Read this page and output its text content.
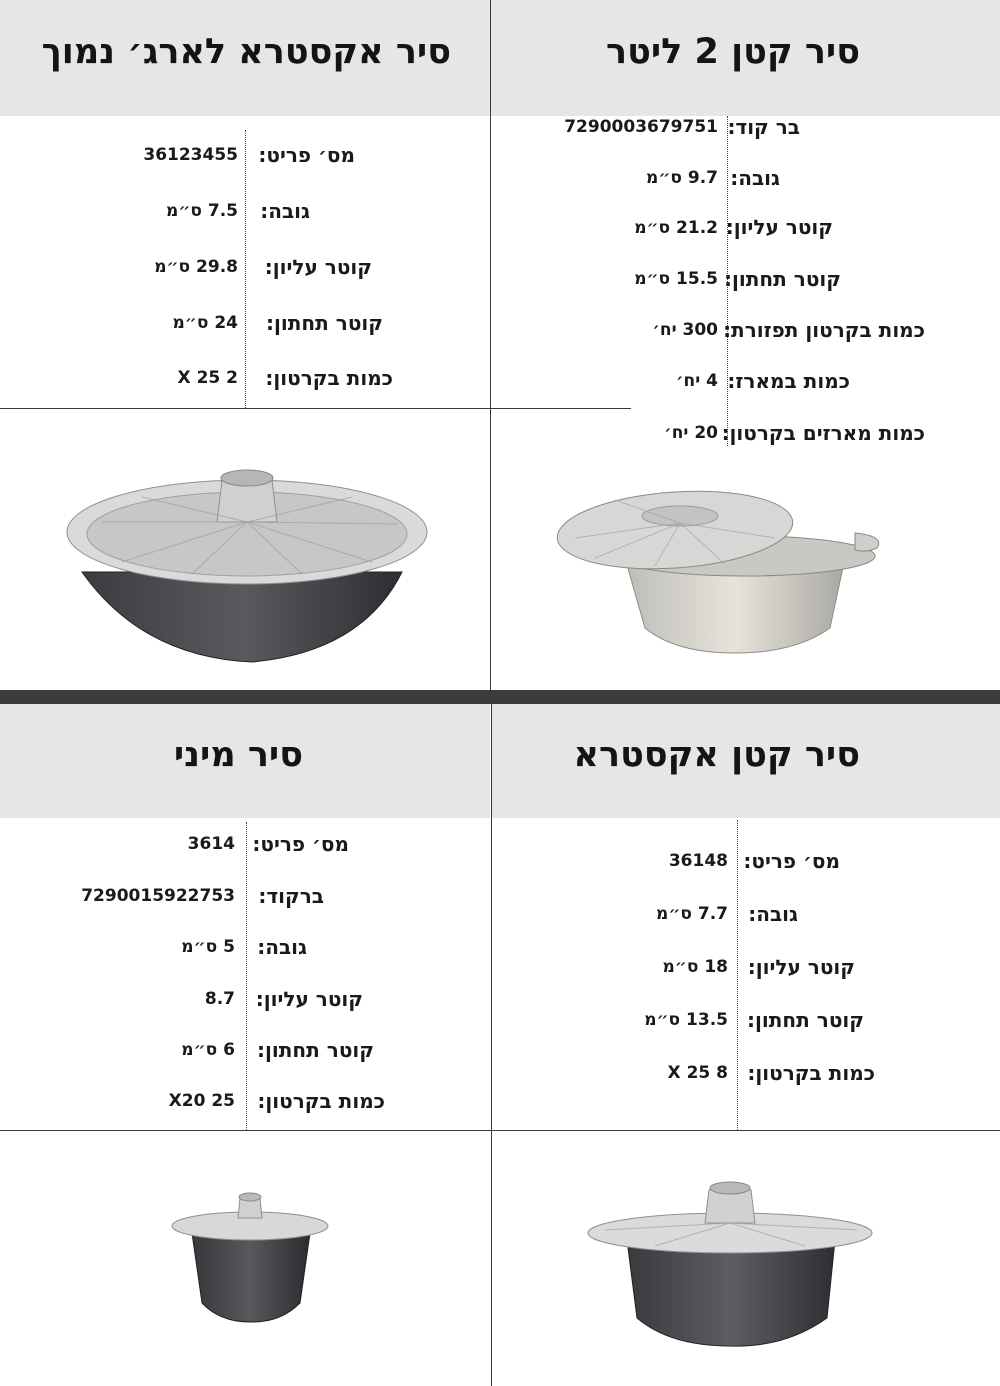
סיר קטן 2 ליטר
סיר אקסטרא לארג׳ נמוך
בר קוד:
7290003679751
גובה:
9.7 ס״מ
קוטר עליון:
21.2 ס״מ
קוטר תחתון:
15.5 ס״מ
כמות בקרטון תפזורת:
300 יח׳
כמות במארז:
4 יח׳
כמות מארזים בקרטון:
20 יח׳
מס׳ פריט:
36123455
גובה:
7.5 ס״מ
קוטר עליון:
29.8 ס״מ
קוטר תחתון:
24 ס״מ
כמות בקרטון:
2 X 25
סיר קטן אקסטרא
סיר מיני
מס׳ פריט:
36148
גובה:
7.7 ס״מ
קוטר עליון:
18 ס״מ
קוטר תחתון:
13.5 ס״מ
כמות בקרטון:
8 X 25
מס׳ פריט:
3614
ברקוד:
7290015922753
גובה:
5 ס״מ
קוטר עליון:
8.7
קוטר תחתון:
6 ס״מ
כמות בקרטון:
25 X20
